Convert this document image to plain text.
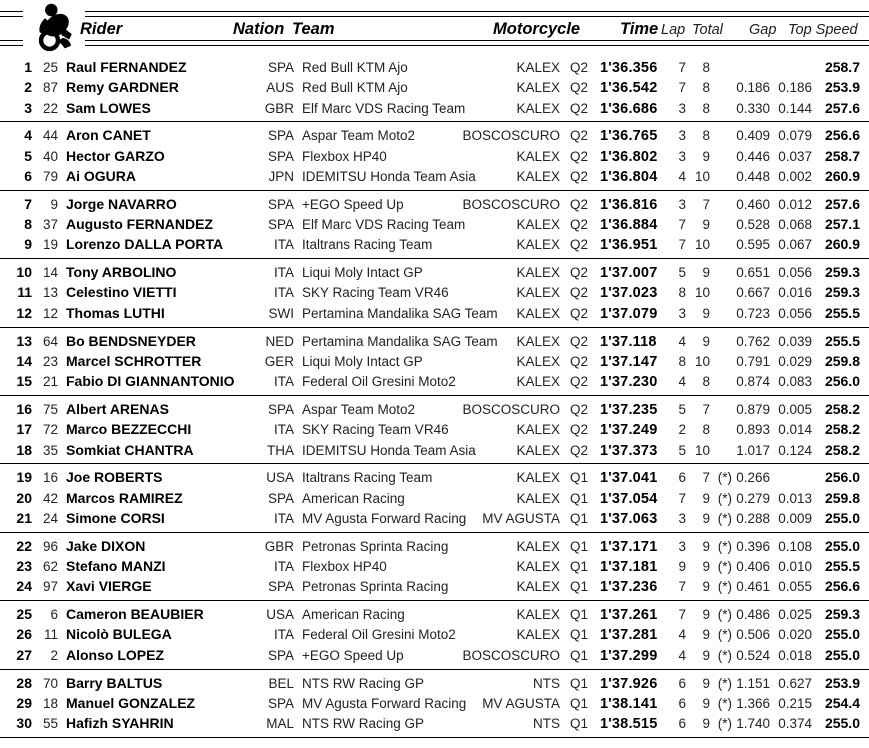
Rider	Nation Team	Motorcycle Time Lap Total Gap Top Speed
1 25 Raul FERNANDEZ	SPA Red Bull KTM Ajo	KALEX Q2 1'36.356	7	8	258.7
2 87 Remy GARDNER	AUS Red Bull KTM Ajo	KALEX Q2 1'36.542	7	8 0.186 0.186 253.9
3 22 Sam LOWES	GBR Elf Marc VDS Racing Team	KALEX Q2 1'36.686	3	8 0.330 0.144 257.6
4 44 Aron CANET	SPA Aspar Team Moto2	BOSCOSCURO Q2 1'36.765	3	8 0.409 0.079 256.6
5 40 Hector GARZO	SPA Flexbox HP40	KALEX Q2 1'36.802	3	9 0.446 0.037 258.7
6 79 Ai OGURA	JPN IDEMITSU Honda Team Asia	KALEX Q2 1'36.804	4 10 0.448 0.002 260.9
7	9 Jorge NAVARRO	SPA +EGO Speed Up	BOSCOSCURO Q2 1'36.816	3	7 0.460 0.012 257.6
8 37 Augusto FERNANDEZ	SPA Elf Marc VDS Racing Team	KALEX Q2 1'36.884	7	9 0.528 0.068 257.1
9 19 Lorenzo DALLA PORTA	ITA Italtrans Racing Team	KALEX Q2 1'36.951	7 10 0.595 0.067 260.9
10 14 Tony ARBOLINO	ITA Liqui Moly Intact GP	KALEX Q2 1'37.007	5	9 0.651 0.056 259.3
11 13 Celestino VIETTI	ITA SKY Racing Team VR46	KALEX Q2 1'37.023	8 10 0.667 0.016 259.3
12 12 Thomas LUTHI	SWI Pertamina Mandalika SAG Team	KALEX Q2 1'37.079	3	9 0.723 0.056 255.5
13 64 Bo BENDSNEYDER	NED Pertamina Mandalika SAG Team	KALEX Q2 1'37.118	4	9 0.762 0.039 255.5
14 23 Marcel SCHROTTER	GER Liqui Moly Intact GP	KALEX Q2 1'37.147	8 10 0.791 0.029 259.8
15 21 Fabio DI GIANNANTONIO	ITA Federal Oil Gresini Moto2	KALEX Q2 1'37.230	4	8 0.874 0.083 256.0
16 75 Albert ARENAS	SPA Aspar Team Moto2	BOSCOSCURO Q2 1'37.235	5	7 0.879 0.005 258.2
17 72 Marco BEZZECCHI	ITA SKY Racing Team VR46	KALEX Q2 1'37.249	2	8 0.893 0.014 258.2
18 35 Somkiat CHANTRA	THA IDEMITSU Honda Team Asia	KALEX Q2 1'37.373	5 10 1.017 0.124 258.2
19 16 Joe ROBERTS	USA Italtrans Racing Team	KALEX Q1 1'37.041	6	7 (*) 0.266	256.0
20 42 Marcos RAMIREZ	SPA American Racing	KALEX Q1 1'37.054	7	9 (*) 0.279 0.013 259.8
21 24 Simone CORSI	ITA MV Agusta Forward Racing	MV AGUSTA Q1 1'37.063	3	9 (*) 0.288 0.009 255.0
22 96 Jake DIXON	GBR Petronas Sprinta Racing	KALEX Q1 1'37.171	3	9 (*) 0.396 0.108 255.0
23 62 Stefano MANZI	ITA Flexbox HP40	KALEX Q1 1'37.181	9	9 (*) 0.406 0.010 255.5
24 97 Xavi VIERGE	SPA Petronas Sprinta Racing	KALEX Q1 1'37.236	7	9 (*) 0.461 0.055 256.6
25	6 Cameron BEAUBIER	USA American Racing	KALEX Q1 1'37.261	7	9 (*) 0.486 0.025 259.3
26 11 Nicolò BULEGA	ITA Federal Oil Gresini Moto2	KALEX Q1 1'37.281	4	9 (*) 0.506 0.020 255.0
27	2 Alonso LOPEZ	SPA +EGO Speed Up	BOSCOSCURO Q1 1'37.299	4	9 (*) 0.524 0.018 255.0
28 70 Barry BALTUS	BEL NTS RW Racing GP	NTS Q1 1'37.926	6	9 (*) 1.151 0.627 253.9
29 18 Manuel GONZALEZ	SPA MV Agusta Forward Racing	MV AGUSTA Q1 1'38.141	6	9 (*) 1.366 0.215 254.4
30 55 Hafizh SYAHRIN	MAL NTS RW Racing GP	NTS Q1 1'38.515	6	9 (*) 1.740 0.374 255.0
